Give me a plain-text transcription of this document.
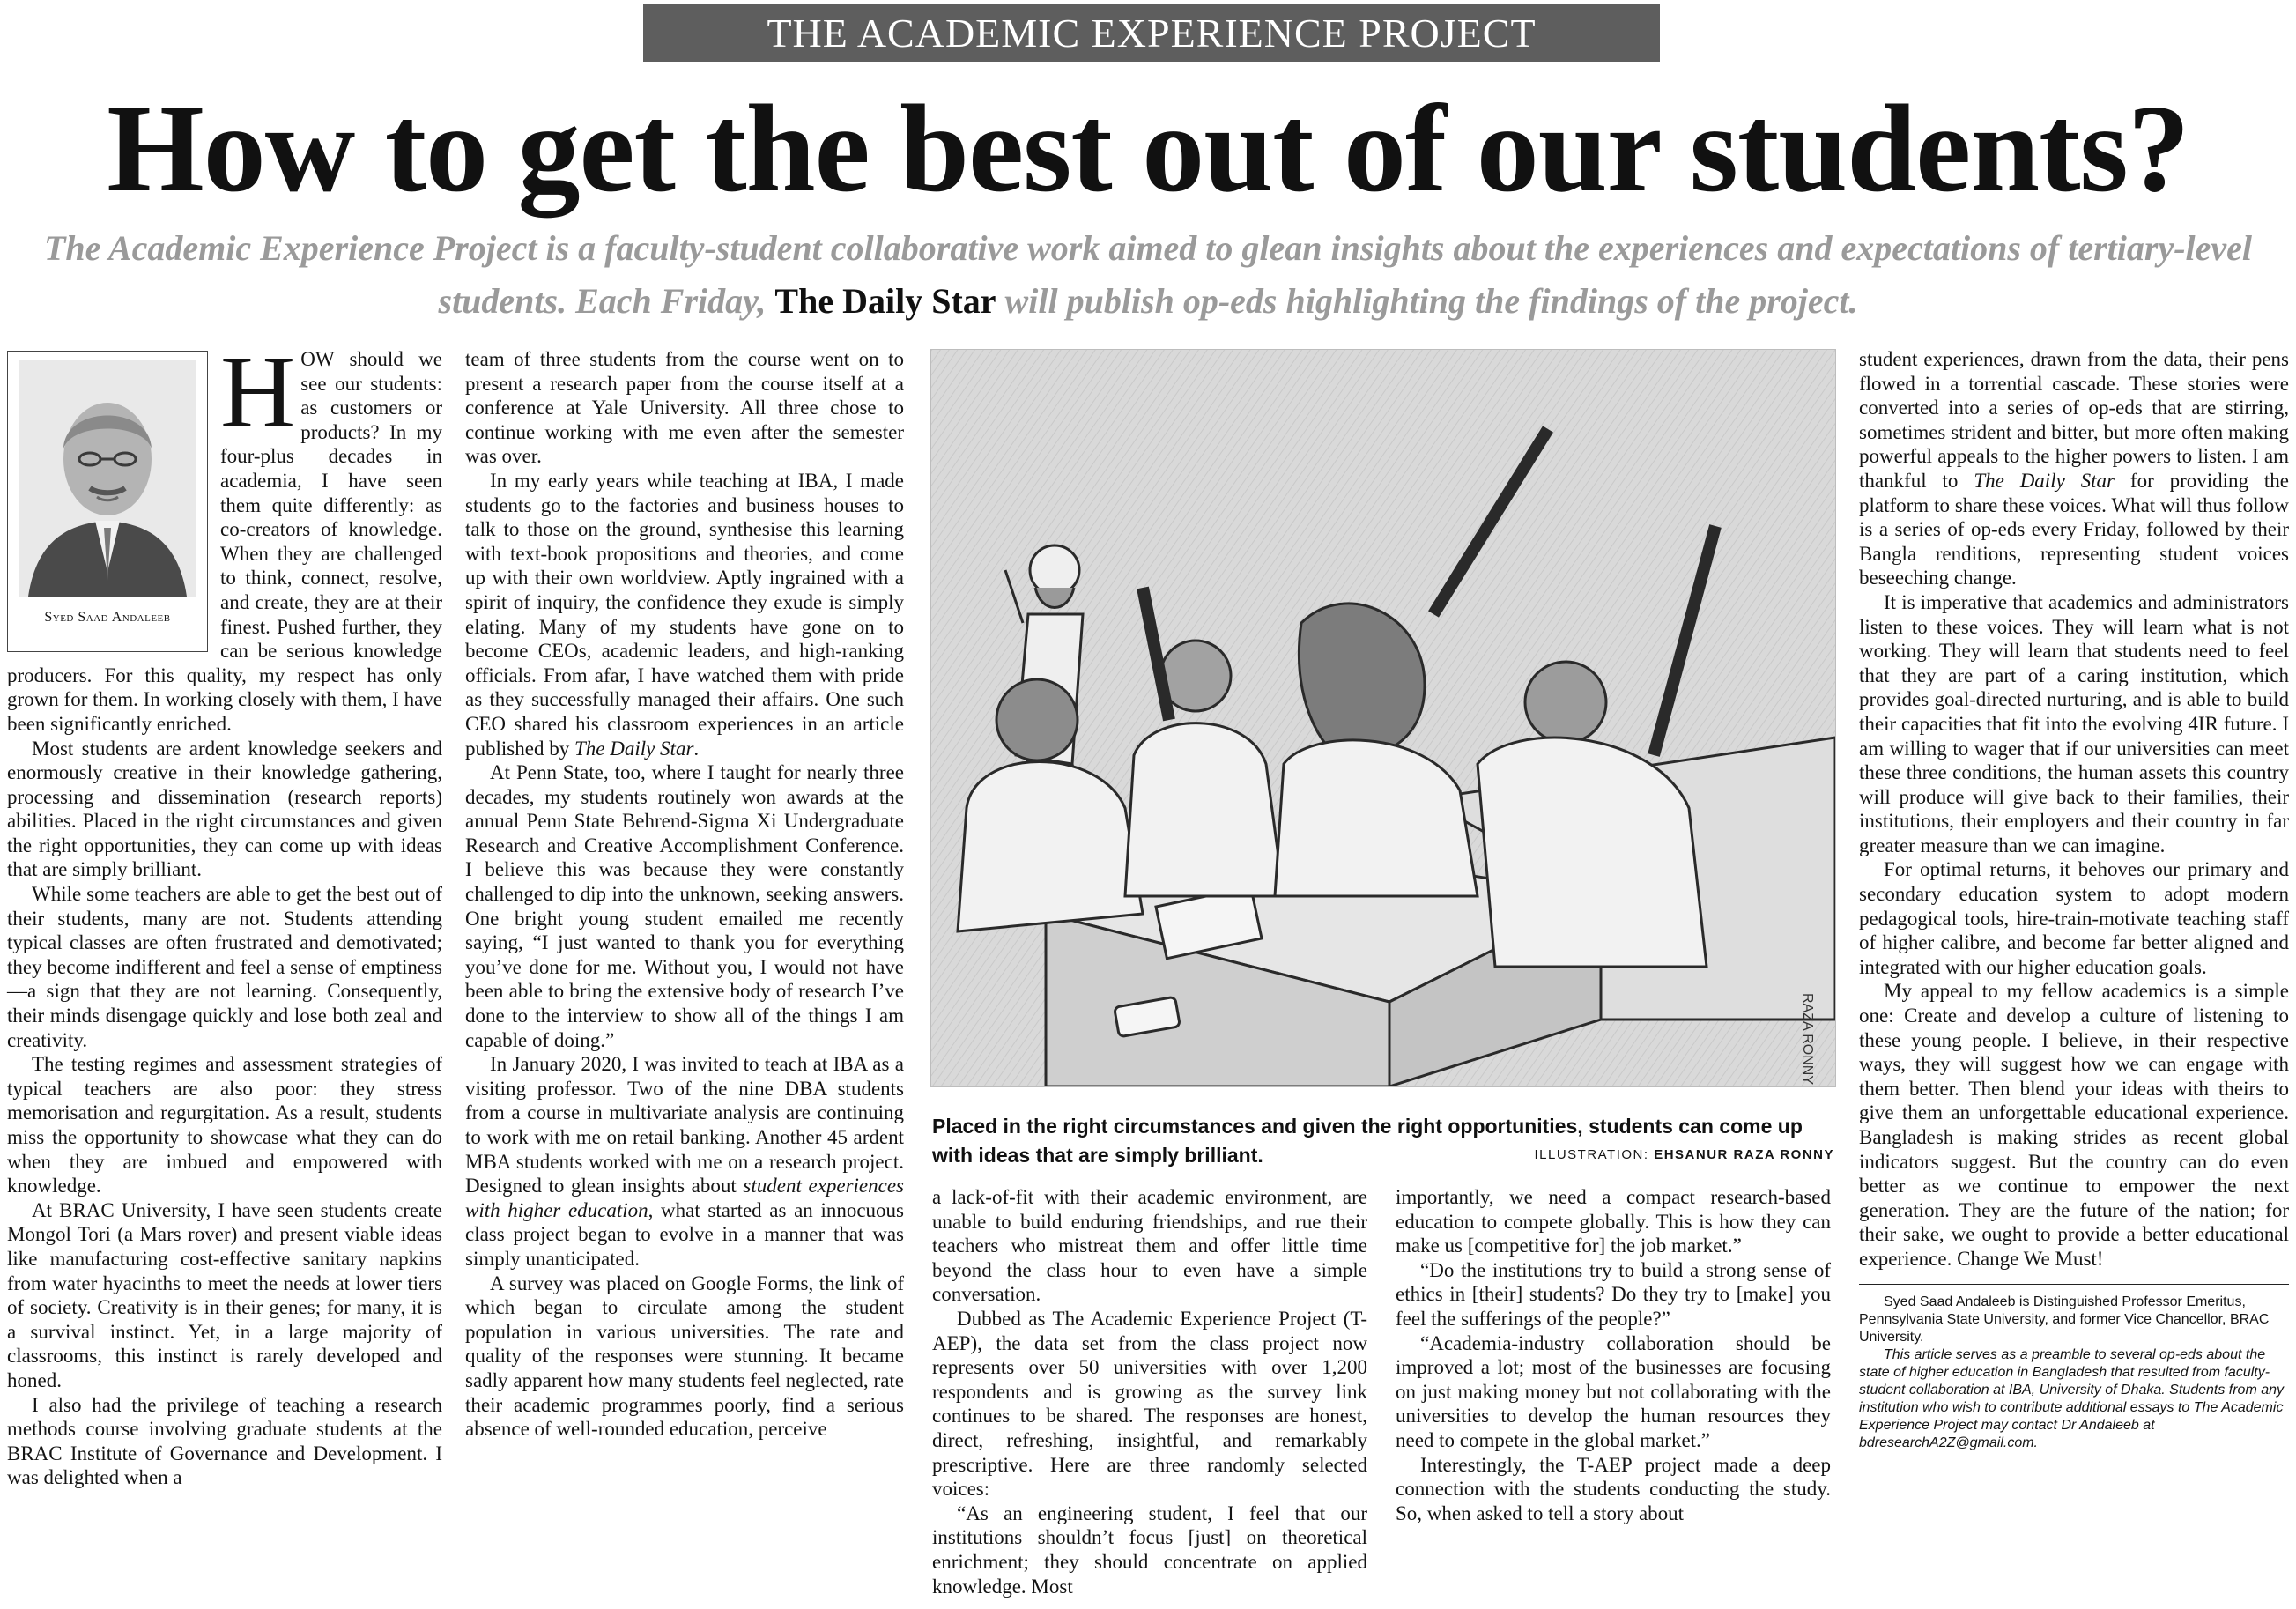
THE ACADEMIC EXPERIENCE PROJECT
How to get the best out of our students?
The Academic Experience Project is a faculty-student collaborative work aimed to glean insights about the experiences and expectations of tertiary-level students. Each Friday, The Daily Star will publish op-eds highlighting the findings of the project.
Syed Saad Andaleeb
H OW should we see our students: as customers or products? In my four-plus decades in academia, I have seen them quite differently: as co-creators of knowledge. When they are challenged to think, connect, resolve, and create, they are at their finest. Pushed further, they can be serious knowledge producers. For this quality, my respect has only grown for them. In working closely with them, I have been significantly enriched.

Most students are ardent knowledge seekers and enormously creative in their knowledge gathering, processing and dissemination (research reports) abilities. Placed in the right circumstances and given the right opportunities, they can come up with ideas that are simply brilliant.

While some teachers are able to get the best out of their students, many are not. Students attending typical classes are often frustrated and demotivated; they become indifferent and feel a sense of emptiness—a sign that they are not learning. Consequently, their minds disengage quickly and lose both zeal and creativity.

The testing regimes and assessment strategies of typical teachers are also poor: they stress memorisation and regurgitation. As a result, students miss the opportunity to showcase what they can do when they are imbued and empowered with knowledge.

At BRAC University, I have seen students create Mongol Tori (a Mars rover) and present viable ideas like manufacturing cost-effective sanitary napkins from water hyacinths to meet the needs at lower tiers of society. Creativity is in their genes; for many, it is a survival instinct. Yet, in a large majority of classrooms, this instinct is rarely developed and honed.

I also had the privilege of teaching a research methods course involving graduate students at the BRAC Institute of Governance and Development. I was delighted when a

team of three students from the course went on to present a research paper from the course itself at a conference at Yale University. All three chose to continue working with me even after the semester was over.

In my early years while teaching at IBA, I made students go to the factories and business houses to talk to those on the ground, synthesise this learning with text-book propositions and theories, and come up with their own worldview. Aptly ingrained with a spirit of inquiry, the confidence they exude is simply elating. Many of my students have gone on to become CEOs, academic leaders, and high-ranking officials. From afar, I have watched them with pride as they successfully managed their affairs. One such CEO shared his classroom experiences in an article published by The Daily Star.

At Penn State, too, where I taught for nearly three decades, my students routinely won awards at the annual Penn State Behrend-Sigma Xi Undergraduate Research and Creative Accomplishment Conference. I believe this was because they were constantly challenged to dip into the unknown, seeking answers. One bright young student emailed me recently saying, “I just wanted to thank you for everything you’ve done for me. Without you, I would not have been able to bring the extensive body of research I’ve done to the interview to show all of the things I am capable of doing.”

In January 2020, I was invited to teach at IBA as a visiting professor. Two of the nine DBA students from a course in multivariate analysis are continuing to work with me on retail banking. Another 45 ardent MBA students worked with me on a research project. Designed to glean insights about student experiences with higher education, what started as an innocuous class project began to evolve in a manner that was simply unanticipated.

A survey was placed on Google Forms, the link of which began to circulate among the student population in various universities. The rate and quality of the responses were stunning. It became sadly apparent how many students feel neglected, rate their academic programmes poorly, find a serious absence of well-rounded education, perceive

RAZA RONNY
Placed in the right circumstances and given the right opportunities, students can come up with ideas that are simply brilliant.	ILLUSTRATION: EHSANUR RAZA RONNY

a lack-of-fit with their academic environment, are unable to build enduring friendships, and rue their teachers who mistreat them and offer little time beyond the class hour to even have a simple conversation.

Dubbed as The Academic Experience Project (T-AEP), the data set from the class project now represents over 50 universities with over 1,200 respondents and is growing as the survey link continues to be shared. The responses are honest, direct, refreshing, insightful, and remarkably prescriptive. Here are three randomly selected voices:

“As an engineering student, I feel that our institutions shouldn’t focus [just] on theoretical enrichment; they should concentrate on applied knowledge. Most

importantly, we need a compact research-based education to compete globally. This is how they can make us [competitive for] the job market.”

“Do the institutions try to build a strong sense of ethics in [their] students? Do they try to [make] you feel the sufferings of the people?”

“Academia-industry collaboration should be improved a lot; most of the businesses are focusing on just making money but not collaborating with the universities to develop the human resources they need to compete in the global market.”

Interestingly, the T-AEP project made a deep connection with the students conducting the study. So, when asked to tell a story about

student experiences, drawn from the data, their pens flowed in a torrential cascade. These stories were converted into a series of op-eds that are stirring, sometimes strident and bitter, but more often making powerful appeals to the higher powers to listen. I am thankful to The Daily Star for providing the platform to share these voices. What will thus follow is a series of op-eds every Friday, followed by their Bangla renditions, representing student voices beseeching change.

It is imperative that academics and administrators listen to these voices. They will learn what is not working. They will learn that students need to feel that they are part of a caring institution, which provides goal-directed nurturing, and is able to build their capacities that fit into the evolving 4IR future. I am willing to wager that if our universities can meet these three conditions, the human assets this country will produce will give back to their families, their institutions, their employers and their country in far greater measure than we can imagine.

For optimal returns, it behoves our primary and secondary education system to adopt modern pedagogical tools, hire-train-motivate teaching staff of higher calibre, and become far better aligned and integrated with our higher education goals.

My appeal to my fellow academics is a simple one: Create and develop a culture of listening to these young people. I believe, in their respective ways, they will suggest how we can engage with them better. Then blend your ideas with theirs to give them an unforgettable educational experience. Bangladesh is making strides as recent global indicators suggest. But the country can do even better as we continue to empower the next generation. They are the future of the nation; for their sake, we ought to provide a better educational experience. Change We Must!

Syed Saad Andaleeb is Distinguished Professor Emeritus, Pennsylvania State University, and former Vice Chancellor, BRAC University.

This article serves as a preamble to several op-eds about the state of higher education in Bangladesh that resulted from faculty-student collaboration at IBA, University of Dhaka. Students from any institution who wish to contribute additional essays to The Academic Experience Project may contact Dr Andaleeb at bdresearchA2Z@gmail.com.
